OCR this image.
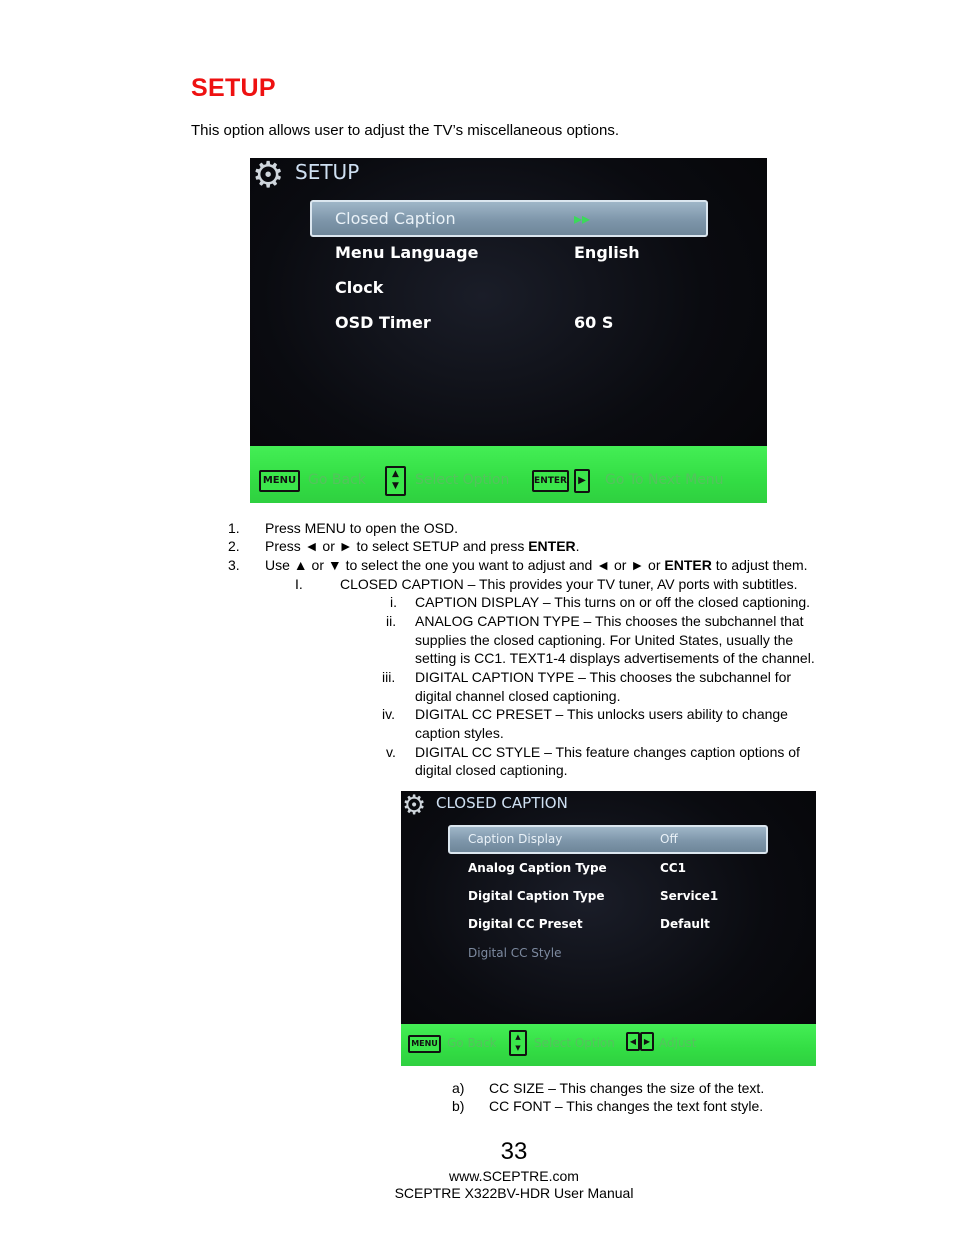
SETUP
This option allows user to adjust the TV’s miscellaneous options.
⚙ SETUP
Closed Caption	▸▸
Menu Language	English
Clock
OSD Timer	60 S
MENU Go Back	▲
▼	Select Option	ENTER	▶ Go To Next Menu
1. Press MENU to open the OSD.
2. Press ◄ or ► to select SETUP and press ENTER.
3. Use ▲ or ▼ to select the one you want to adjust and ◄ or ► or ENTER to adjust them.
I.	CLOSED CAPTION – This provides your TV tuner, AV ports with subtitles.
i. CAPTION DISPLAY – This turns on or off the closed captioning.
ii. ANALOG CAPTION TYPE – This chooses the subchannel that
supplies the closed captioning. For United States, usually the
setting is CC1. TEXT1-4 displays advertisements of the channel.
iii. DIGITAL CAPTION TYPE – This chooses the subchannel for
digital channel closed captioning.
iv. DIGITAL CC PRESET – This unlocks users ability to change
caption styles.
v. DIGITAL CC STYLE – This feature changes caption options of
digital closed captioning.
⚙ CLOSED CAPTION
Caption Display	Off
Analog Caption Type	CC1
Digital Caption Type	Service1
Digital CC Preset	Default
Digital CC Style
MENU Go Back	▲
▼	Select Option	◀ ▶ Adjust
a) CC SIZE – This changes the size of the text.
b) CC FONT – This changes the text font style.
33
www.SCEPTRE.com
SCEPTRE X322BV-HDR User Manual
